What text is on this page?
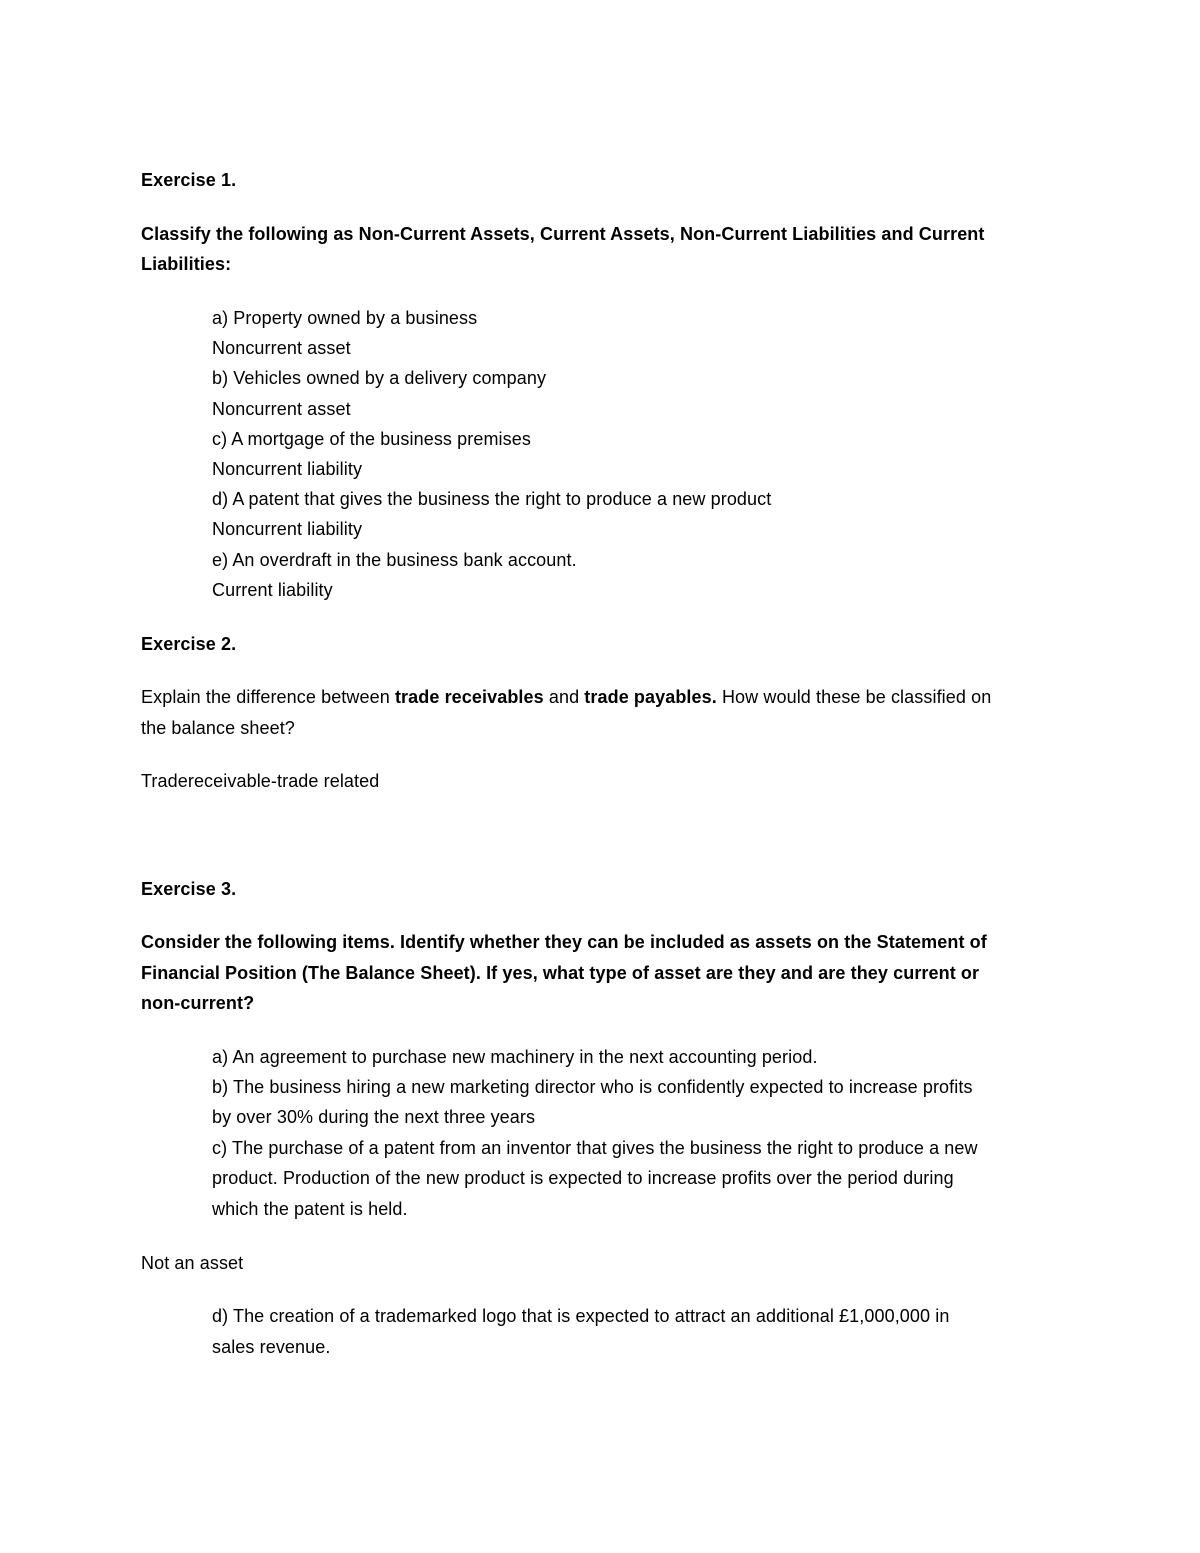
Exercise 1.
Classify the following as Non-Current Assets, Current Assets, Non-Current Liabilities and Current
Liabilities:
a) Property owned by a business
Noncurrent asset
b) Vehicles owned by a delivery company
Noncurrent asset
c) A mortgage of the business premises
Noncurrent liability
d) A patent that gives the business the right to produce a new product
Noncurrent liability
e) An overdraft in the business bank account.
Current liability
Exercise 2.
Explain the difference between trade receivables and trade payables. How would these be classified on
the balance sheet?
Tradereceivable-trade related
Exercise 3.
Consider the following items. Identify whether they can be included as assets on the Statement of
Financial Position (The Balance Sheet). If yes, what type of asset are they and are they current or
non-current?
a) An agreement to purchase new machinery in the next accounting period.
b) The business hiring a new marketing director who is confidently expected to increase profits
by over 30% during the next three years
c) The purchase of a patent from an inventor that gives the business the right to produce a new
product. Production of the new product is expected to increase profits over the period during
which the patent is held.
Not an asset
d) The creation of a trademarked logo that is expected to attract an additional £1,000,000 in
sales revenue.
